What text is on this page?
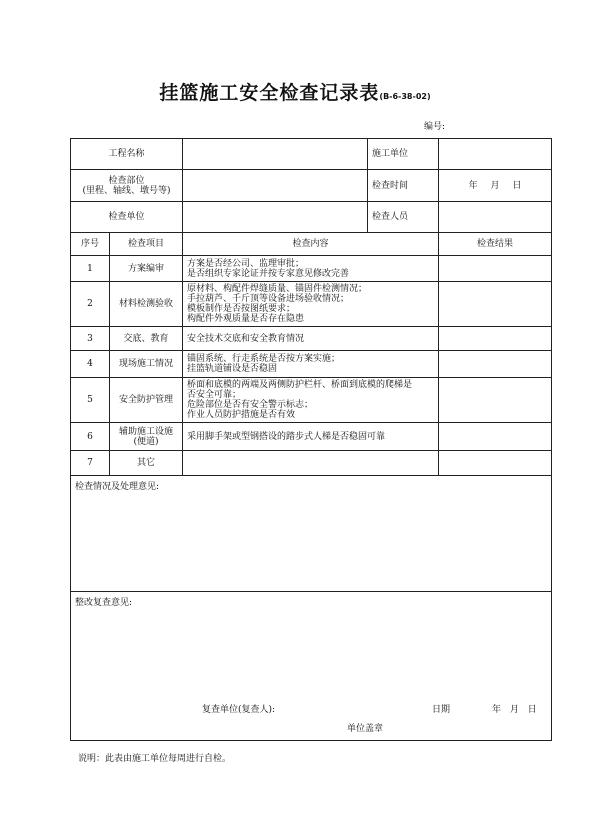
挂篮施工安全检查记录表(B-6-38-02)
编号:
工程名称			施工单位	
检查部位
(里程、轴线、墩号等)			检查时间	年 月 日
检查单位			检查人员	
序号	检查项目	检查内容		检查结果
1	方案编审	方案是否经公司、监理审批；
是否组织专家论证并按专家意见修改完善		
2	材料检测验收	原材料、构配件焊缝质量、锚固件检测情况；
手拉葫芦、千斤顶等设备进场验收情况；
模板制作是否按图纸要求；
构配件外观质量是否存在隐患		
3	交底、教育	安全技术交底和安全教育情况		
4	现场施工情况	锚固系统、行走系统是否按方案实施；
挂篮轨道铺设是否稳固		
5	安全防护管理	桥面和底模的两端及两侧防护栏杆、桥面到底模的爬梯是
否安全可靠；
危险部位是否有安全警示标志；
作业人员防护措施是否有效		
6	辅助施工设施
(便道)	采用脚手架或型钢搭设的踏步式人梯是否稳固可靠		
7	其它			
检查情况及处理意见:				

整改复查意见:
复查单位(复查人): 日期 年 月 日
单位盖章				
说明：此表由施工单位每周进行自检。
